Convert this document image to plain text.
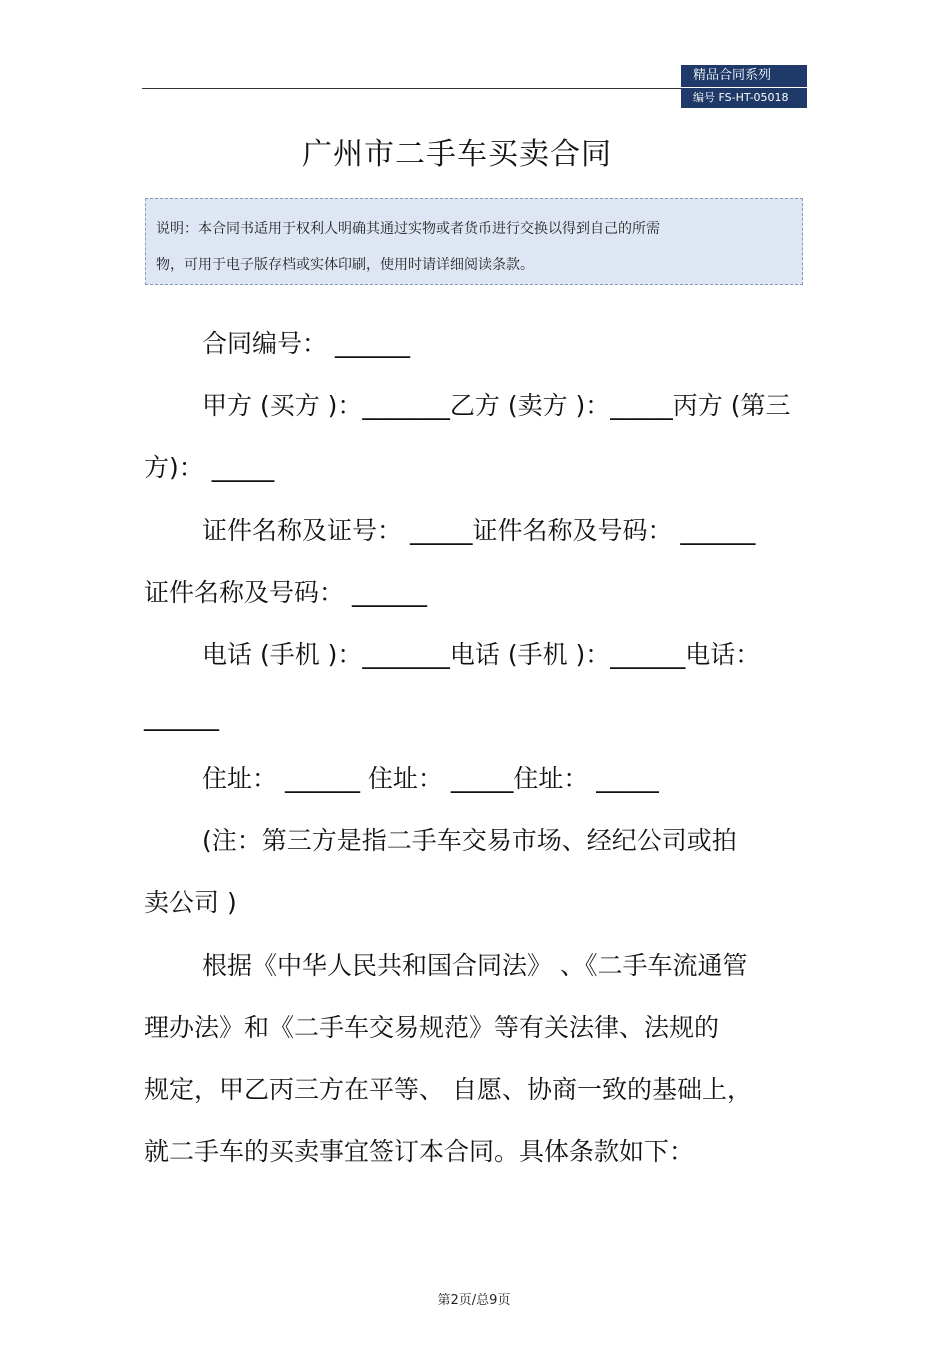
精品合同系列
编号 FS-HT-05018
广州市二手车买卖合同
说明：本合同书适用于权利人明确其通过实物或者货币进行交换以得到自己的所需
物，可用于电子版存档或实体印刷，使用时请详细阅读条款。
合同编号： ______
甲方 (买方 )：_______乙方 (卖方 )：_____丙方 (第三
方)： _____
证件名称及证号： _____证件名称及号码： ______
证件名称及号码： ______
电话 (手机 )：_______电话 (手机 )：______电话：
______
住址： ______ 住址： _____住址： _____
(注：第三方是指二手车交易市场、经纪公司或拍
卖公司 )
根据《中华人民共和国合同法》 、《二手车流通管
理办法》和《二手车交易规范》等有关法律、法规的
规定，甲乙丙三方在平等、 自愿、协商一致的基础上，
就二手车的买卖事宜签订本合同。具体条款如下：
第2页/总9页
